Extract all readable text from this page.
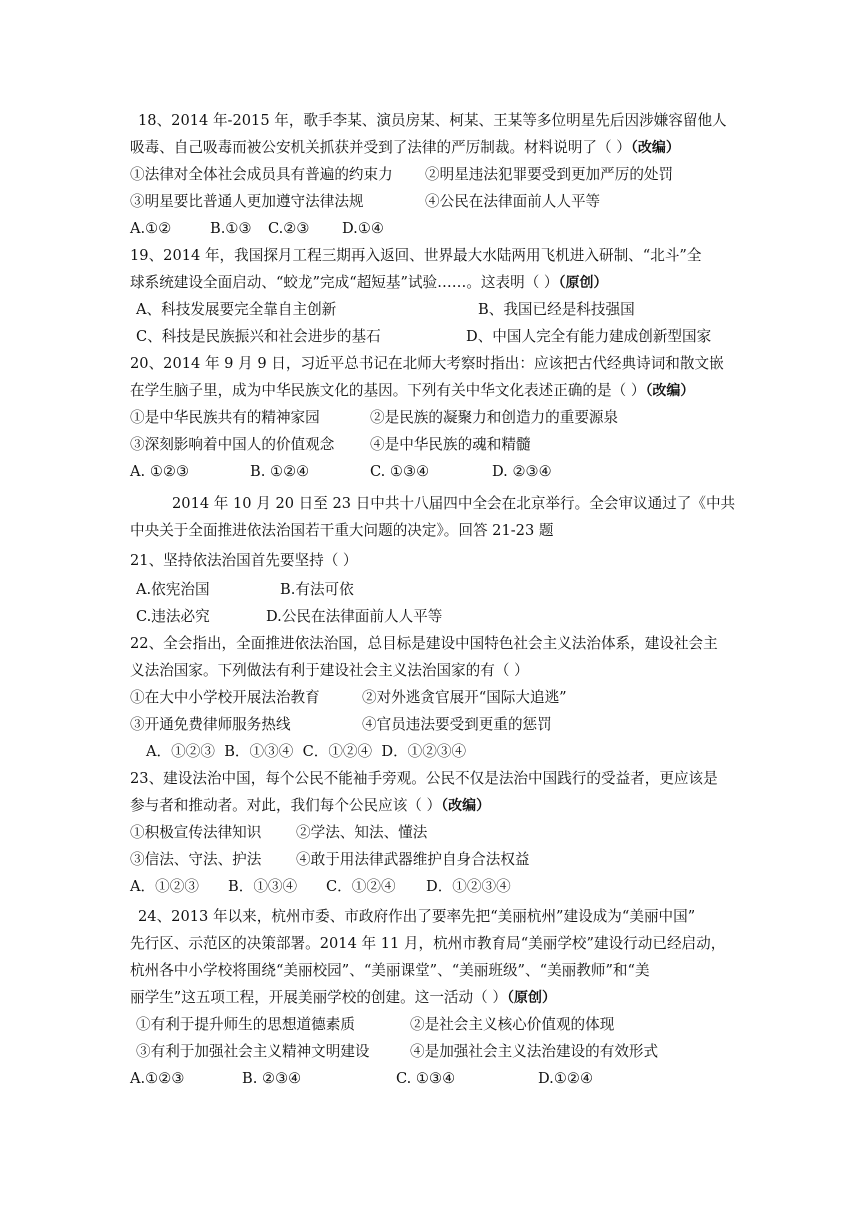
18、2014 年-2015 年，歌手李某、演员房某、柯某、王某等多位明星先后因涉嫌容留他人
吸毒、自己吸毒而被公安机关抓获并受到了法律的严厉制裁。材料说明了（ ）（改编）
①法律对全体社会成员具有普遍的约束力 ②明星违法犯罪要受到更加严厉的处罚
③明星要比普通人更加遵守法律法规	④公民在法律面前人人平等
A.①②	B.①③ C.②③ D.①④
19、2014 年，我国探月工程三期再入返回、世界最大水陆两用飞机进入研制、“北斗”全
球系统建设全面启动、“蛟龙”完成“超短基”试验……。这表明（ ）（原创）
A、科技发展要完全靠自主创新	B、我国已经是科技强国
C、科技是民族振兴和社会进步的基石	D、中国人完全有能力建成创新型国家
20、2014 年 9 月 9 日，习近平总书记在北师大考察时指出：应该把古代经典诗词和散文嵌
在学生脑子里，成为中华民族文化的基因。下列有关中华文化表述正确的是（ ）（改编）
①是中华民族共有的精神家园	②是民族的凝聚力和创造力的重要源泉
③深刻影响着中国人的价值观念 ④是中华民族的魂和精髓
A. ①②③	B. ①②④	C. ①③④	D. ②③④
2014 年 10 月 20 日至 23 日中共十八届四中全会在北京举行。全会审议通过了《中共
中央关于全面推进依法治国若干重大问题的决定》。回答 21-23 题
21、坚持依法治国首先要坚持（ ）
A.依宪治国	B.有法可依
C.违法必究	D.公民在法律面前人人平等
22、全会指出，全面推进依法治国，总目标是建设中国特色社会主义法治体系，建设社会主
义法治国家。下列做法有利于建设社会主义法治国家的有（ ）
①在大中小学校开展法治教育	②对外逃贪官展开“国际大追逃”
③开通免费律师服务热线	④官员违法要受到更重的惩罚
A．①②③  B．①③④  C．①②④  D．①②③④
23、建设法治中国，每个公民不能袖手旁观。公民不仅是法治中国践行的受益者，更应该是
参与者和推动者。对此，我们每个公民应该（ ）（改编）
①积极宣传法律知识 ②学法、知法、懂法
③信法、守法、护法 ④敢于用法律武器维护自身合法权益
A．①②③ B．①③④ C．①②④ D．①②③④
24、2013 年以来，杭州市委、市政府作出了要率先把“美丽杭州”建设成为“美丽中国”
先行区、示范区的决策部署。2014 年 11 月，杭州市教育局“美丽学校”建设行动已经启动，
杭州各中小学校将围绕“美丽校园”、“美丽课堂”、“美丽班级”、“美丽教师”和“美
丽学生”这五项工程，开展美丽学校的创建。这一活动（ ）（原创）
①有利于提升师生的思想道德素质	②是社会主义核心价值观的体现
③有利于加强社会主义精神文明建设	④是加强社会主义法治建设的有效形式
A.①②③	B. ②③④	C. ①③④	D.①②④
